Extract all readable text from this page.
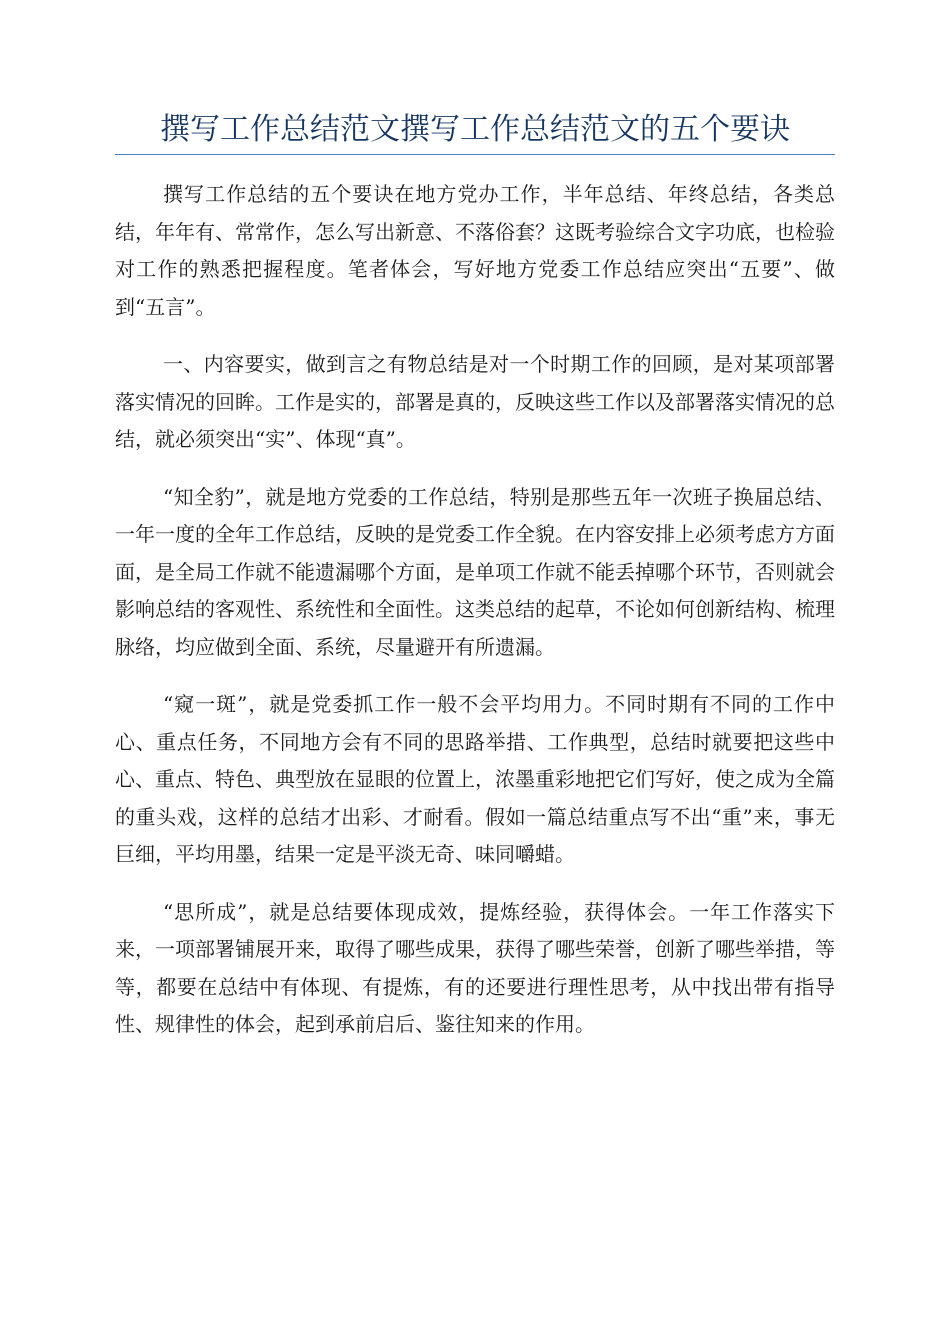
撰写工作总结范文撰写工作总结范文的五个要诀

撰写工作总结的五个要诀在地方党办工作，半年总结、年终总结，各类总结，年年有、常常作，怎么写出新意、不落俗套？这既考验综合文字功底，也检验对工作的熟悉把握程度。笔者体会，写好地方党委工作总结应突出“五要”、做到“五言”。

一、内容要实，做到言之有物总结是对一个时期工作的回顾，是对某项部署落实情况的回眸。工作是实的，部署是真的，反映这些工作以及部署落实情况的总结，就必须突出“实”、体现“真”。

“知全豹”，就是地方党委的工作总结，特别是那些五年一次班子换届总结、一年一度的全年工作总结，反映的是党委工作全貌。在内容安排上必须考虑方方面面，是全局工作就不能遗漏哪个方面，是单项工作就不能丢掉哪个环节，否则就会影响总结的客观性、系统性和全面性。这类总结的起草，不论如何创新结构、梳理脉络，均应做到全面、系统，尽量避开有所遗漏。

“窥一斑”，就是党委抓工作一般不会平均用力。不同时期有不同的工作中心、重点任务，不同地方会有不同的思路举措、工作典型，总结时就要把这些中心、重点、特色、典型放在显眼的位置上，浓墨重彩地把它们写好，使之成为全篇的重头戏，这样的总结才出彩、才耐看。假如一篇总结重点写不出“重”来，事无巨细，平均用墨，结果一定是平淡无奇、味同嚼蜡。

“思所成”，就是总结要体现成效，提炼经验，获得体会。一年工作落实下来，一项部署铺展开来，取得了哪些成果，获得了哪些荣誉，创新了哪些举措，等等，都要在总结中有体现、有提炼，有的还要进行理性思考，从中找出带有指导性、规律性的体会，起到承前启后、鉴往知来的作用。
